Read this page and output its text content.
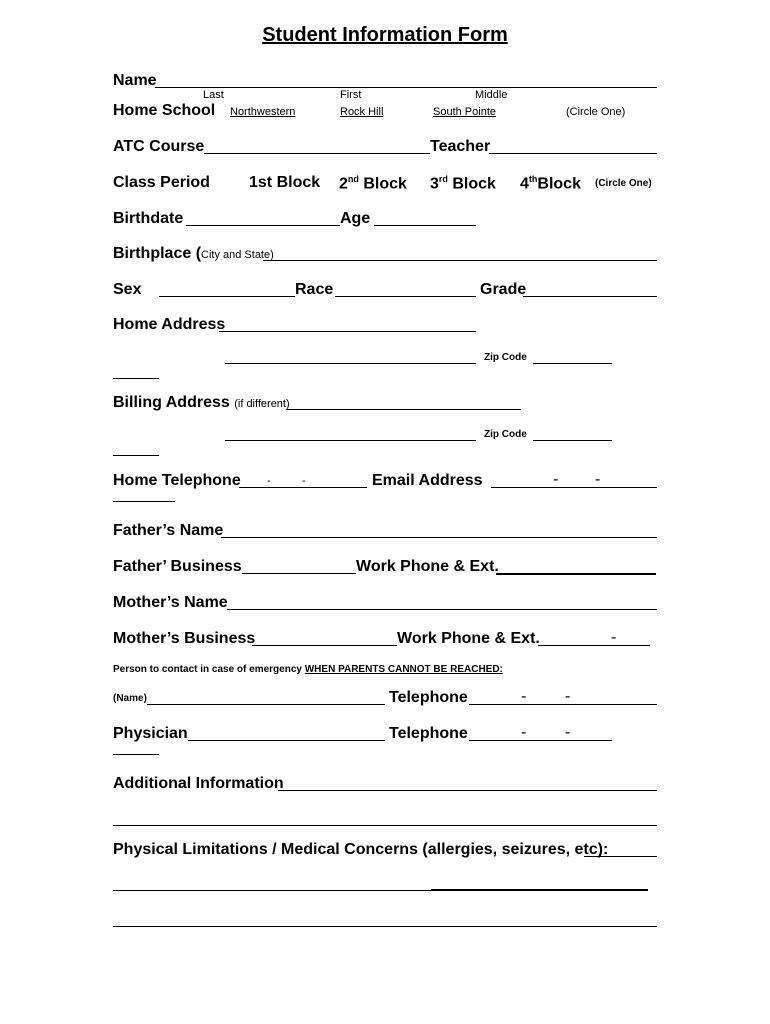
Student Information Form
Name
Last	First	Middle
Home School Northwestern	Rock Hill	South Pointe	(Circle One)
ATC Course	Teacher
Class Period 1st Block 2nd Block 3rd Block 4thBlock (Circle One)
Birthdate	Age
Birthplace (City and State)
Sex	Race	Grade
Home Address
Zip Code
Billing Address (if different)
Zip Code
Home Telephone -	-	Email Address	- -
Father’s Name
Father’ Business	Work Phone & Ext.
Mother’s Name
Mother’s Business	Work Phone & Ext.	-
Person to contact in case of emergency WHEN PARENTS CANNOT BE REACHED:
(Name)	Telephone	- -
Physician	Telephone	- -
Additional Information
Physical Limitations / Medical Concerns (allergies, seizures, etc):
